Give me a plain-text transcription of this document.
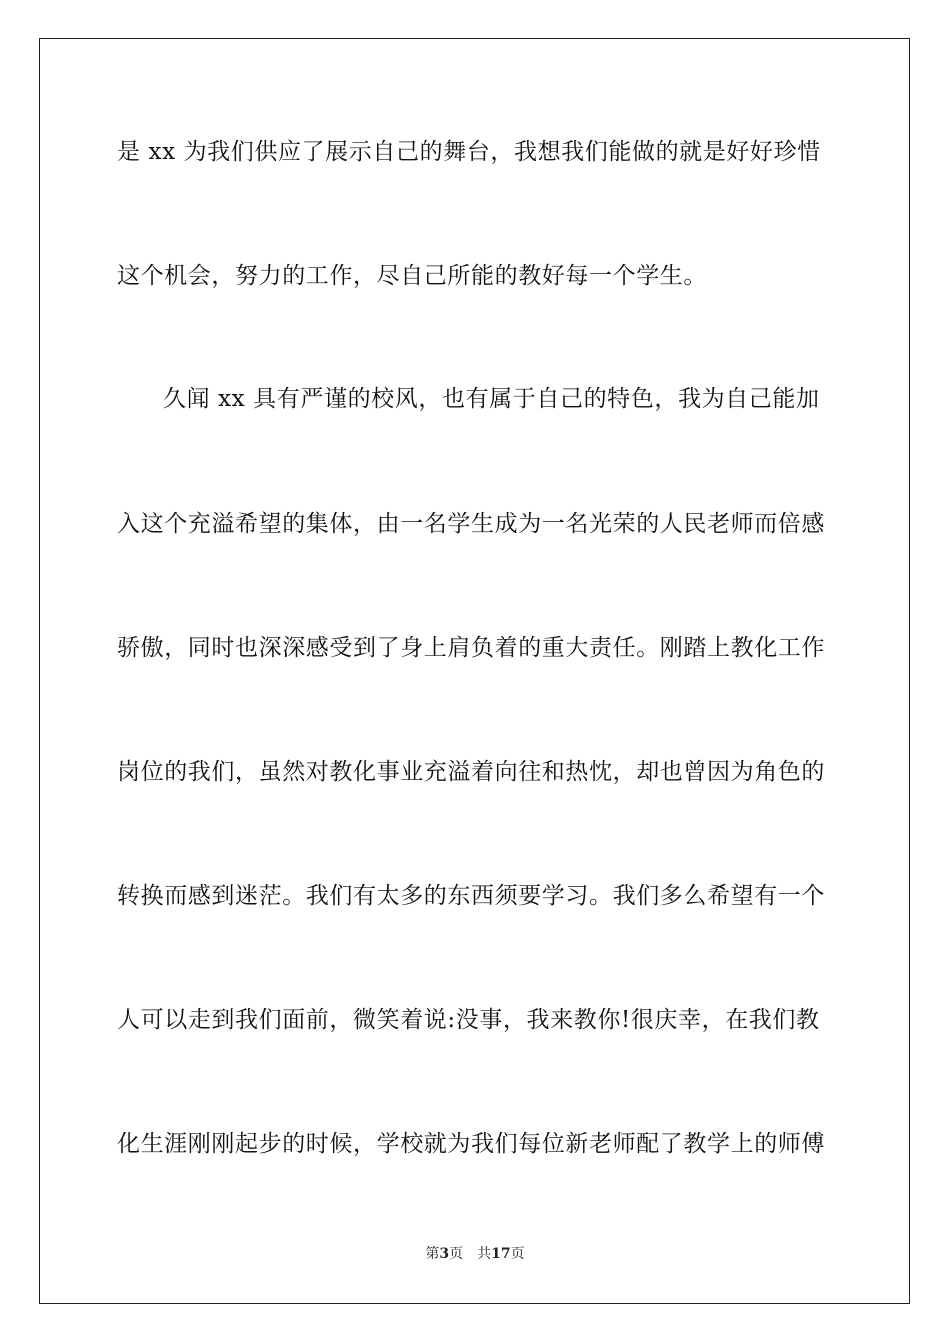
是 xx 为我们供应了展示自己的舞台，我想我们能做的就是好好珍惜
这个机会，努力的工作，尽自己所能的教好每一个学生。
久闻 xx 具有严谨的校风，也有属于自己的特色，我为自己能加
入这个充溢希望的集体，由一名学生成为一名光荣的人民老师而倍感
骄傲，同时也深深感受到了身上肩负着的重大责任。刚踏上教化工作
岗位的我们，虽然对教化事业充溢着向往和热忱，却也曾因为角色的
转换而感到迷茫。我们有太多的东西须要学习。我们多么希望有一个
人可以走到我们面前，微笑着说:没事，我来教你!很庆幸，在我们教
化生涯刚刚起步的时候，学校就为我们每位新老师配了教学上的师傅
第3页 共17页
